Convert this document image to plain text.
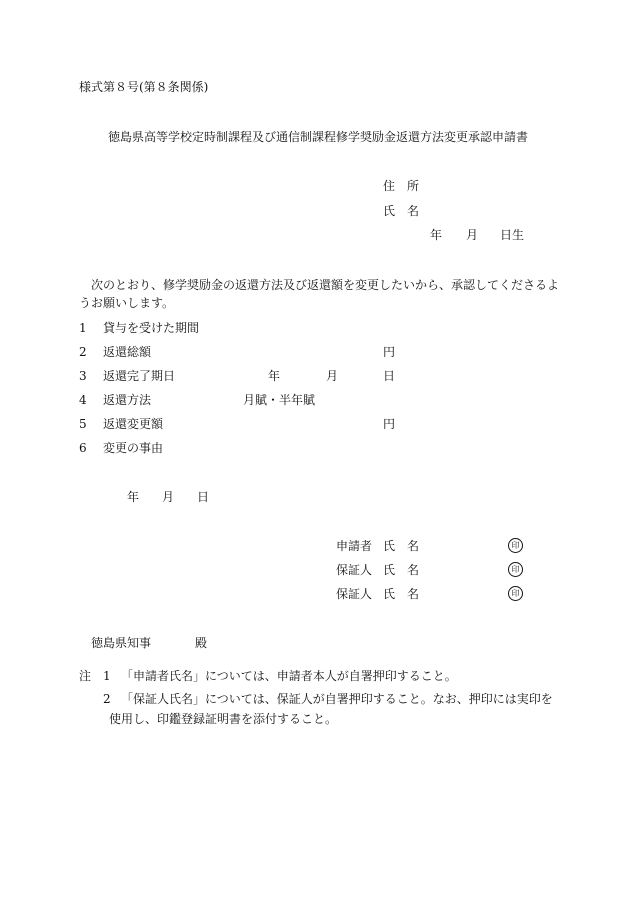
様式第８号(第８条関係)
徳島県高等学校定時制課程及び通信制課程修学奨励金返還方法変更承認申請書
住　所
氏　名
年 月 日生
次のとおり、修学奨励金の返還方法及び返還額を変更したいから、承認してくださるよ
うお願いします。
1 貸与を受けた期間
2 返還総額	円
3 返還完了期日	年	月	日
4 返還方法	月賦・半年賦
5 返還変更額	円
6 変更の事由
年 月 日
申請者 氏　名	印
保証人 氏　名	印
保証人 氏　名	印
徳島県知事	殿
注 1 「申請者氏名」については、申請者本人が自署押印すること。
2 「保証人氏名」については、保証人が自署押印すること。なお、押印には実印を
使用し、印鑑登録証明書を添付すること。
